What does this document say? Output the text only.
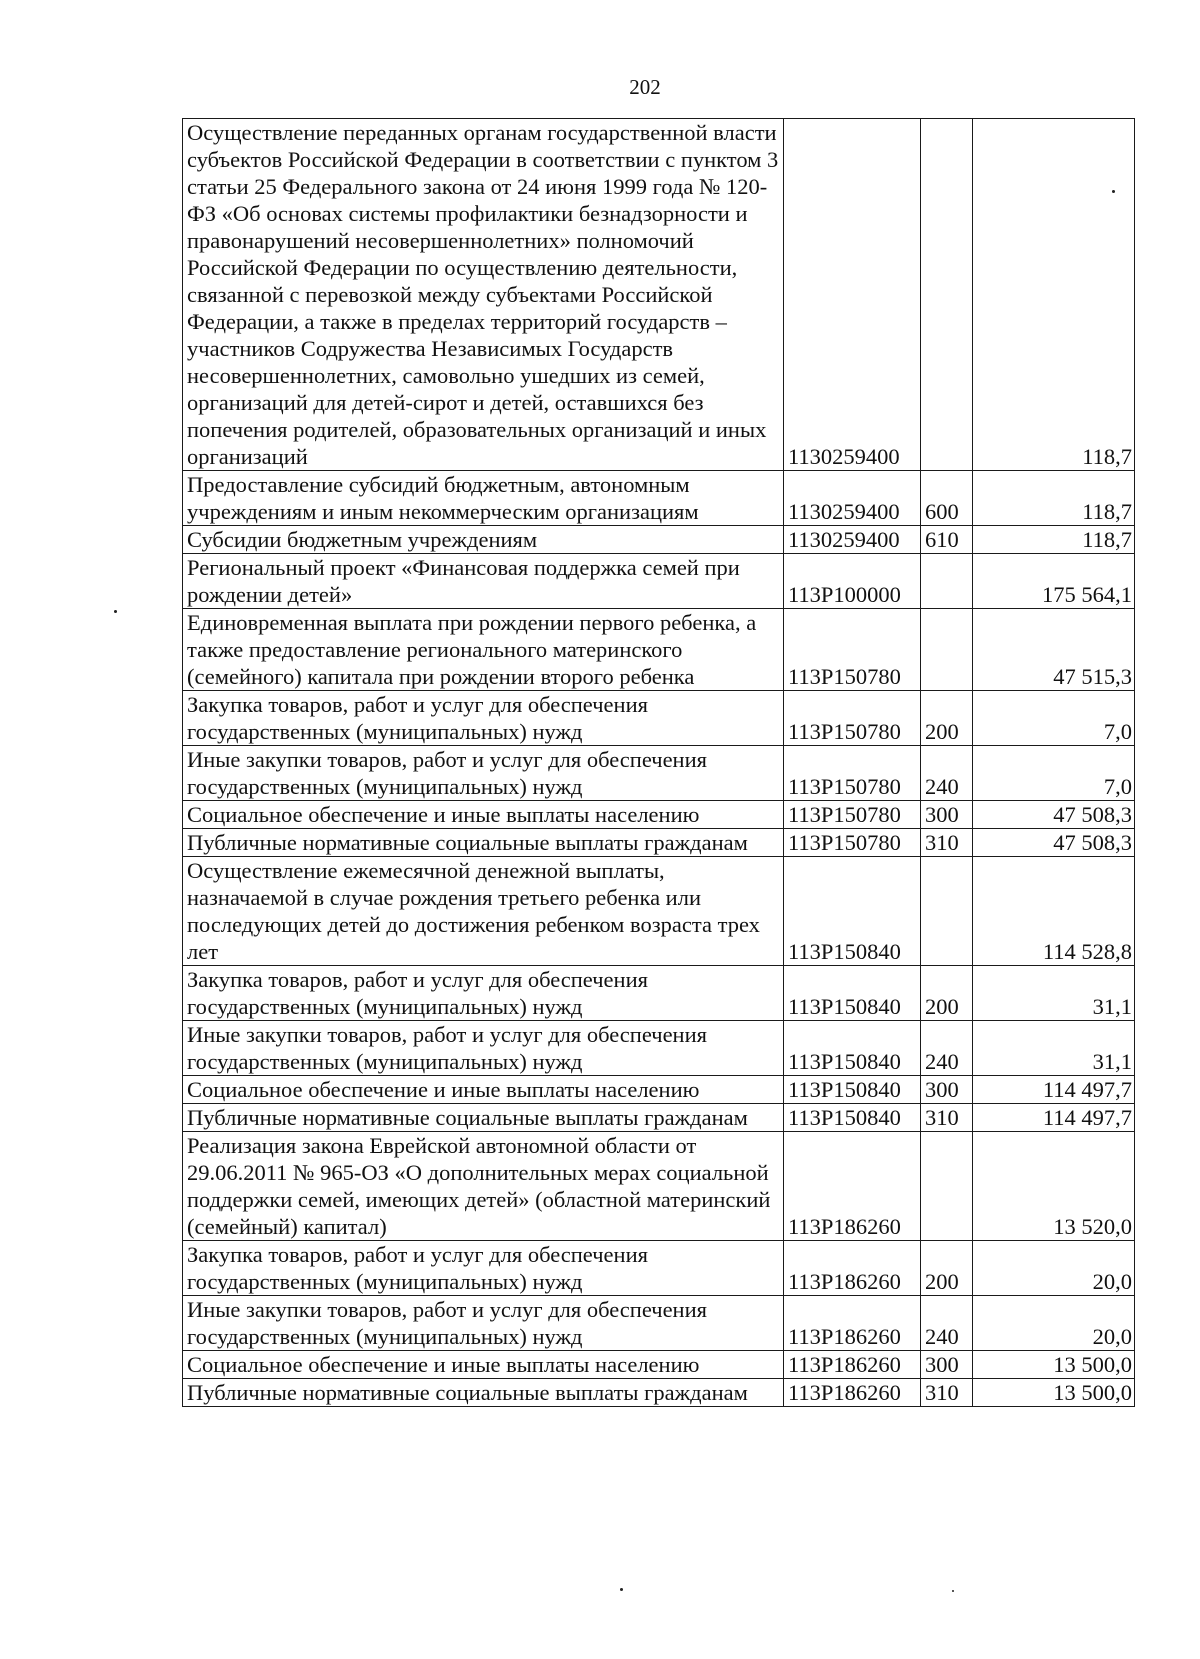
202
Осуществление переданных органам государственной власти субъектов Российской Федерации в соответствии с пунктом 3 статьи 25 Федерального закона от 24 июня 1999 года № 120-ФЗ «Об основах системы профилактики безнадзорности и правонарушений несовершеннолетних» полномочий Российской Федерации по осуществлению деятельности, связанной с перевозкой между субъектами Российской Федерации, а также в пределах территорий государств – участников Содружества Независимых Государств несовершеннолетних, самовольно ушедших из семей, организаций для детей-сирот и детей, оставшихся без попечения родителей, образовательных организаций и иных организаций	1130259400		118,7
Предоставление субсидий бюджетным, автономным учреждениям и иным некоммерческим организациям	1130259400	600	118,7
Субсидии бюджетным учреждениям	1130259400	610	118,7
Региональный проект «Финансовая поддержка семей при рождении детей»	113P100000		175 564,1
Единовременная выплата при рождении первого ребенка, а также предоставление регионального материнского (семейного) капитала при рождении второго ребенка	113P150780		47 515,3
Закупка товаров, работ и услуг для обеспечения государственных (муниципальных) нужд	113P150780	200	7,0
Иные закупки товаров, работ и услуг для обеспечения государственных (муниципальных) нужд	113P150780	240	7,0
Социальное обеспечение и иные выплаты населению	113P150780	300	47 508,3
Публичные нормативные социальные выплаты гражданам	113P150780	310	47 508,3
Осуществление ежемесячной денежной выплаты, назначаемой в случае рождения третьего ребенка или последующих детей до достижения ребенком возраста трех лет	113P150840		114 528,8
Закупка товаров, работ и услуг для обеспечения государственных (муниципальных) нужд	113P150840	200	31,1
Иные закупки товаров, работ и услуг для обеспечения государственных (муниципальных) нужд	113P150840	240	31,1
Социальное обеспечение и иные выплаты населению	113P150840	300	114 497,7
Публичные нормативные социальные выплаты гражданам	113P150840	310	114 497,7
Реализация закона Еврейской автономной области от 29.06.2011 № 965-ОЗ «О дополнительных мерах социальной поддержки семей, имеющих детей» (областной материнский (семейный) капитал)	113P186260		13 520,0
Закупка товаров, работ и услуг для обеспечения государственных (муниципальных) нужд	113P186260	200	20,0
Иные закупки товаров, работ и услуг для обеспечения государственных (муниципальных) нужд	113P186260	240	20,0
Социальное обеспечение и иные выплаты населению	113P186260	300	13 500,0
Публичные нормативные социальные выплаты гражданам	113P186260	310	13 500,0
